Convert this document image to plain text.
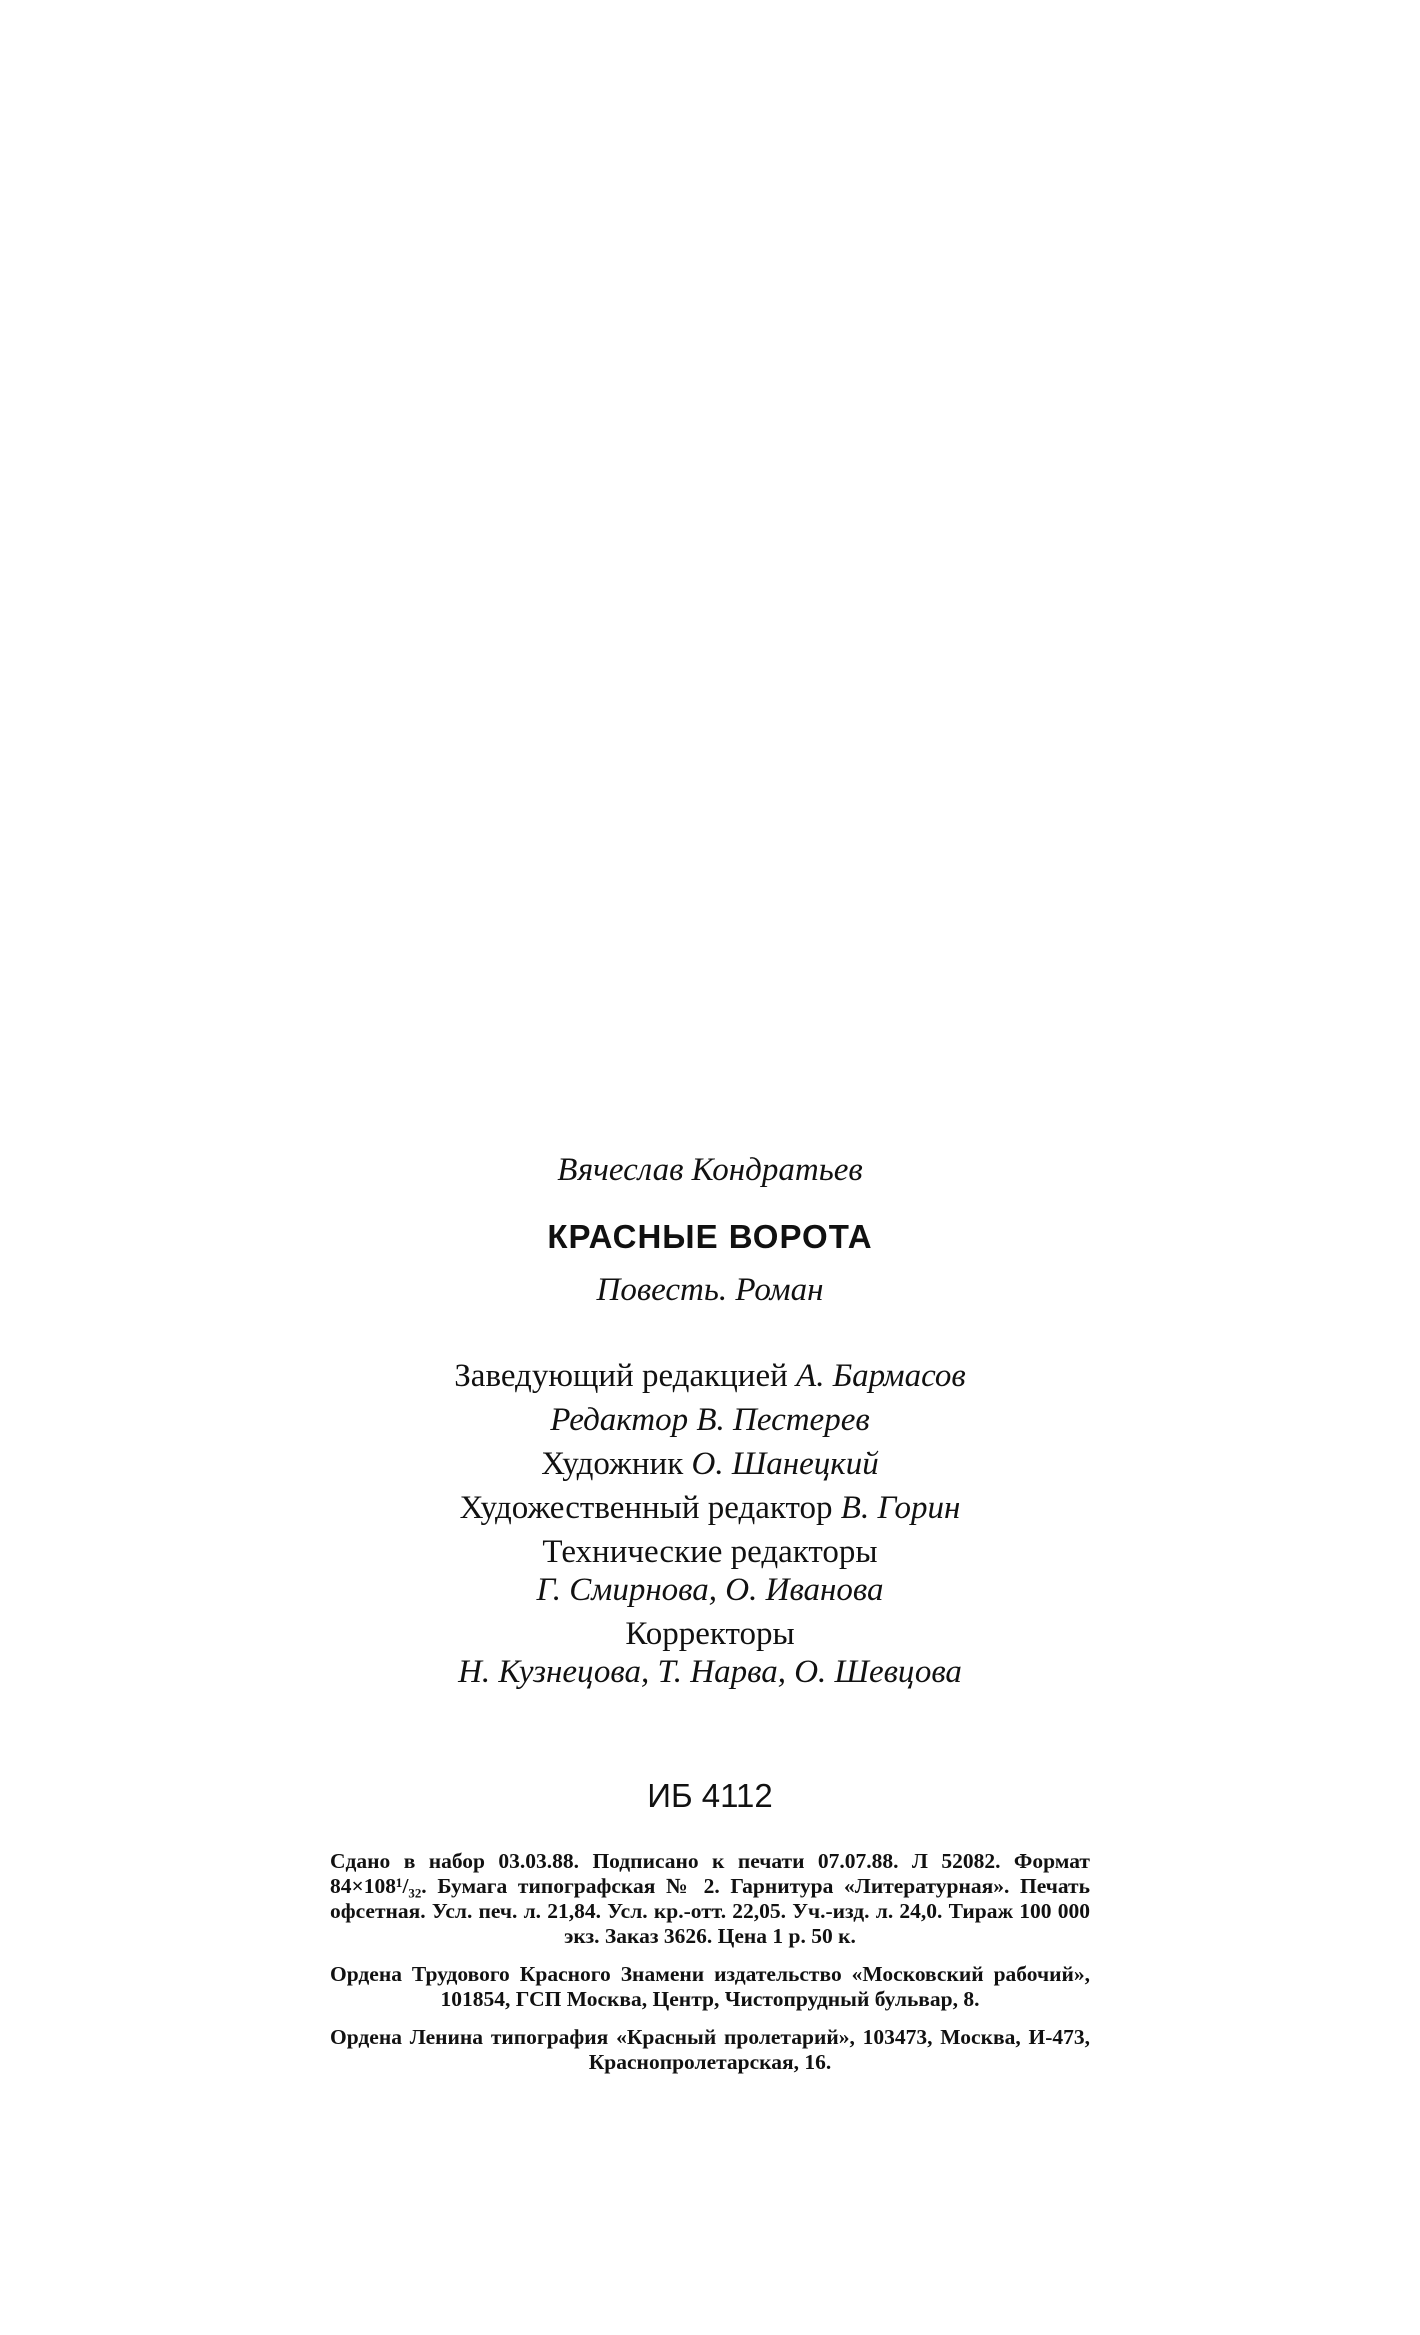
Вячеслав Кондратьев

КРАСНЫЕ ВОРОТА

Повесть. Роман

Заведующий редакцией А. Бармасов

Редактор В. Пестерев

Художник О. Шанецкий

Художественный редактор В. Горин

Технические редакторы

Г. Смирнова, О. Иванова

Корректоры

Н. Кузнецова, Т. Нарва, О. Шевцова

ИБ 4112

Сдано в набор 03.03.88. Подписано к печати 07.07.88. Л 52082. Формат 84×108¹/₃₂. Бумага типографская № 2. Гарнитура «Литературная». Печать офсетная. Усл. печ. л. 21,84. Усл. кр.-отт. 22,05. Уч.-изд. л. 24,0. Тираж 100 000 экз. Заказ 3626. Цена 1 р. 50 к.

Ордена Трудового Красного Знамени издательство «Московский рабочий», 101854, ГСП Москва, Центр, Чистопрудный бульвар, 8.

Ордена Ленина типография «Красный пролетарий», 103473, Москва, И-473, Краснопролетарская, 16.
